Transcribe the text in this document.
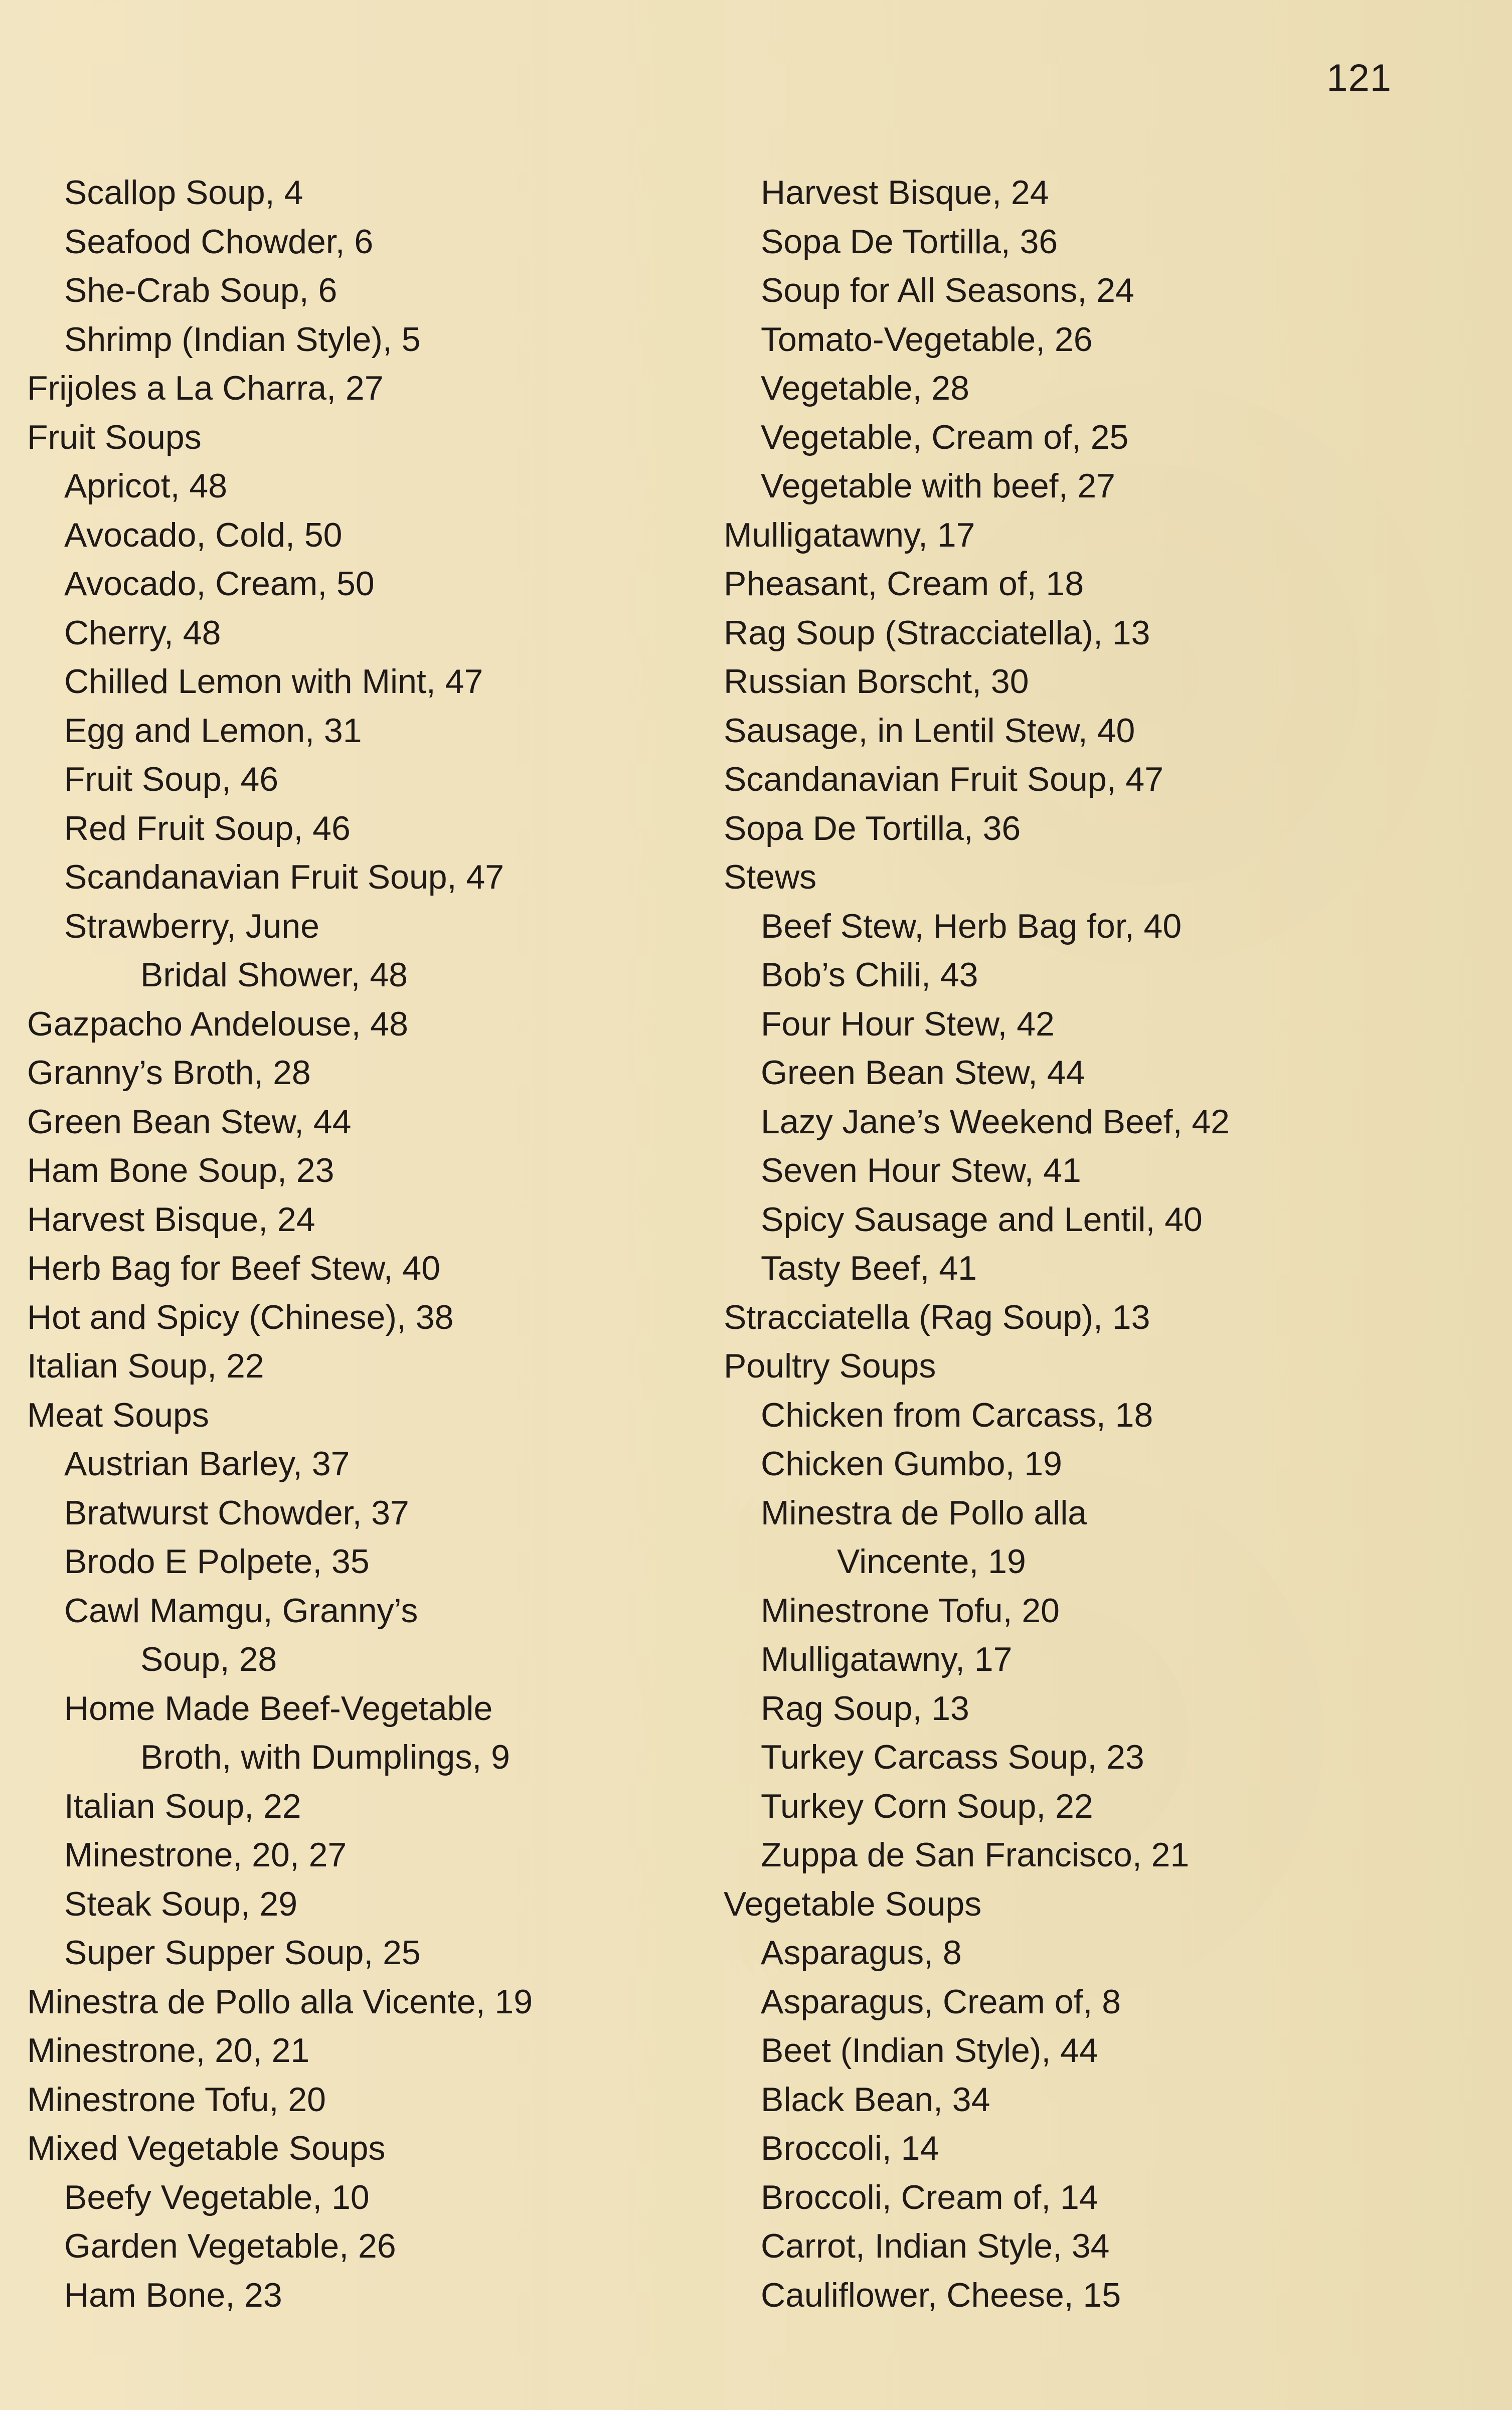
121
Scallop Soup, 4
Seafood Chowder, 6
She-Crab Soup, 6
Shrimp (Indian Style), 5
Frijoles a La Charra, 27
Fruit Soups
Apricot, 48
Avocado, Cold, 50
Avocado, Cream, 50
Cherry, 48
Chilled Lemon with Mint, 47
Egg and Lemon, 31
Fruit Soup, 46
Red Fruit Soup, 46
Scandanavian Fruit Soup, 47
Strawberry, June
Bridal Shower, 48
Gazpacho Andelouse, 48
Granny’s Broth, 28
Green Bean Stew, 44
Ham Bone Soup, 23
Harvest Bisque, 24
Herb Bag for Beef Stew, 40
Hot and Spicy (Chinese), 38
Italian Soup, 22
Meat Soups
Austrian Barley, 37
Bratwurst Chowder, 37
Brodo E Polpete, 35
Cawl Mamgu, Granny’s
Soup, 28
Home Made Beef-Vegetable
Broth, with Dumplings, 9
Italian Soup, 22
Minestrone, 20, 27
Steak Soup, 29
Super Supper Soup, 25
Minestra de Pollo alla Vicente, 19
Minestrone, 20, 21
Minestrone Tofu, 20
Mixed Vegetable Soups
Beefy Vegetable, 10
Garden Vegetable, 26
Ham Bone, 23
Harvest Bisque, 24
Sopa De Tortilla, 36
Soup for All Seasons, 24
Tomato-Vegetable, 26
Vegetable, 28
Vegetable, Cream of, 25
Vegetable with beef, 27
Mulligatawny, 17
Pheasant, Cream of, 18
Rag Soup (Stracciatella), 13
Russian Borscht, 30
Sausage, in Lentil Stew, 40
Scandanavian Fruit Soup, 47
Sopa De Tortilla, 36
Stews
Beef Stew, Herb Bag for, 40
Bob’s Chili, 43
Four Hour Stew, 42
Green Bean Stew, 44
Lazy Jane’s Weekend Beef, 42
Seven Hour Stew, 41
Spicy Sausage and Lentil, 40
Tasty Beef, 41
Stracciatella (Rag Soup), 13
Poultry Soups
Chicken from Carcass, 18
Chicken Gumbo, 19
Minestra de Pollo alla
Vincente, 19
Minestrone Tofu, 20
Mulligatawny, 17
Rag Soup, 13
Turkey Carcass Soup, 23
Turkey Corn Soup, 22
Zuppa de San Francisco, 21
Vegetable Soups
Asparagus, 8
Asparagus, Cream of, 8
Beet (Indian Style), 44
Black Bean, 34
Broccoli, 14
Broccoli, Cream of, 14
Carrot, Indian Style, 34
Cauliflower, Cheese, 15
